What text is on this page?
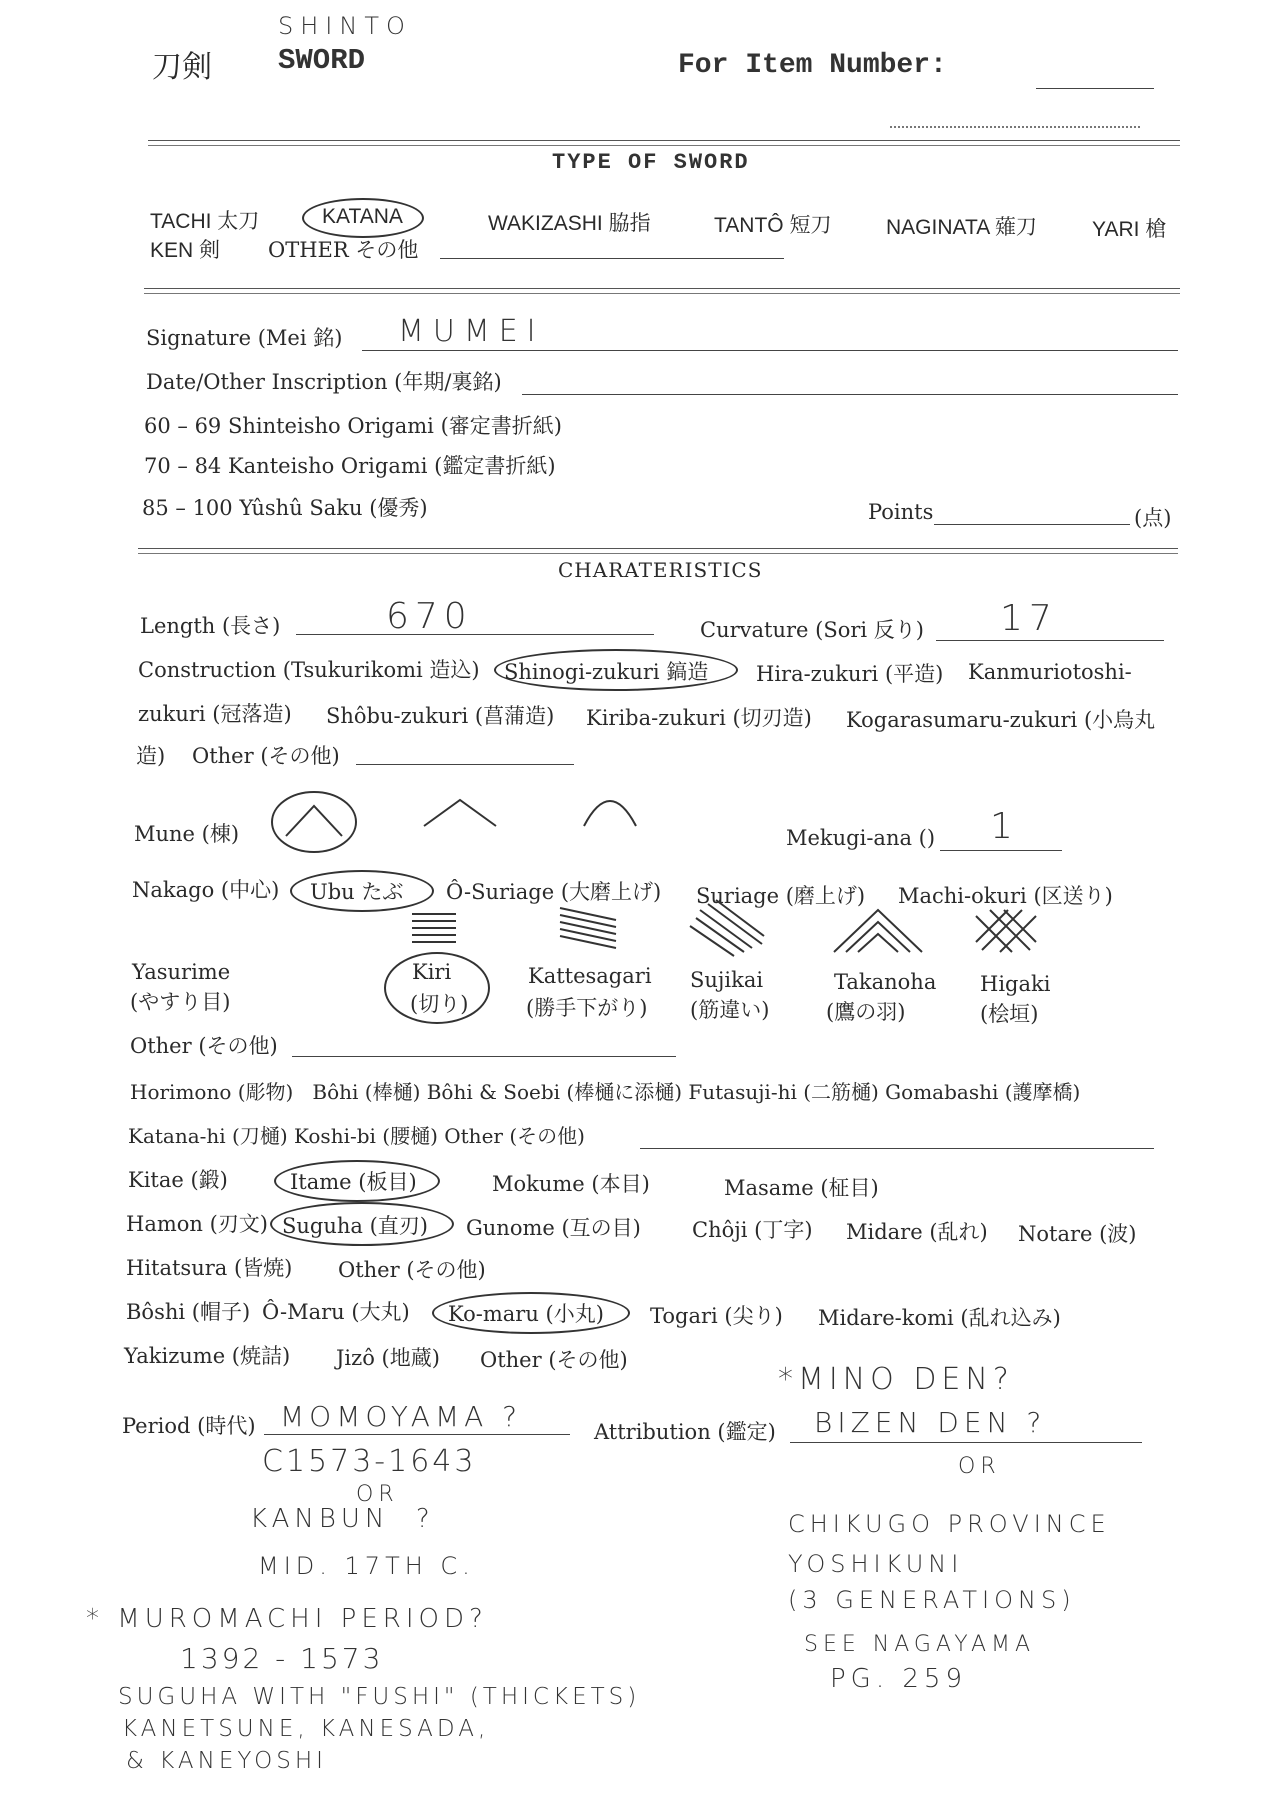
刀剣
SHINTO
SWORD	For Item Number:
TYPE OF SWORD
TACHI 太刀	KATANA	WAKIZASHI 脇指	TANTÔ 短刀	NAGINATA 薙刀	YARI 槍
KEN 剣 OTHER その他
Signature (Mei 銘) MUMEI
Date/Other Inscription (年期/裏銘)
60 – 69 Shinteisho Origami (審定書折紙)
70 – 84 Kanteisho Origami (鑑定書折紙)
85 – 100 Yûshû Saku (優秀)	Points	(点)
CHARATERISTICS
Length (長さ)	670	Curvature (Sori 反り) 17
Construction (Tsukurikomi 造込) Shinogi-zukuri 鎬造 Hira-zukuri (平造) Kanmuriotoshi-
zukuri (冠落造) Shôbu-zukuri (菖蒲造) Kiriba-zukuri (切刃造) Kogarasumaru-zukuri (小烏丸
造) Other (その他)
Mune (棟)	Mekugi-ana () 1
Nakago (中心) Ubu たぶ Ô-Suriage (大磨上げ) Suriage (磨上げ) Machi-okuri (区送り)
Yasurime
(やすり目)
Kiri
(切り)
Kattesagari
(勝手下がり)
Sujikai
(筋違い)
Takanoha
(鷹の羽)
Higaki
(桧垣)
Other (その他)
Horimono (彫物)   Bôhi (棒樋) Bôhi & Soebi (棒樋に添樋) Futasuji-hi (二筋樋) Gomabashi (護摩橋)
Katana-hi (刀樋) Koshi-bi (腰樋) Other (その他)
Kitae (鍛)	Itame (板目)	Mokume (本目)	Masame (柾目)
Hamon (刃文) Suguha (直刃) Gunome (互の目) Chôji (丁字) Midare (乱れ) Notare (波)
Hitatsura (皆焼) Other (その他)
Bôshi (帽子) Ô-Maru (大丸) Ko-maru (小丸) Togari (尖り) Midare-komi (乱れ込み)
Yakizume (焼詰) Jizô (地蔵) Other (その他)
Period (時代) MOMOYAMA ?
C1573-1643
OR
KANBUN  ?
MID. 17TH C.
Attribution (鑑定)
*MINO DEN?
BIZEN DEN ?
OR
CHIKUGO PROVINCE
YOSHIKUNI
(3 GENERATIONS)
SEE NAGAYAMA
PG. 259
* MUROMACHI PERIOD?
1392 - 1573
SUGUHA WITH "FUSHI" (THICKETS)
KANETSUNE, KANESADA,
& KANEYOSHI
